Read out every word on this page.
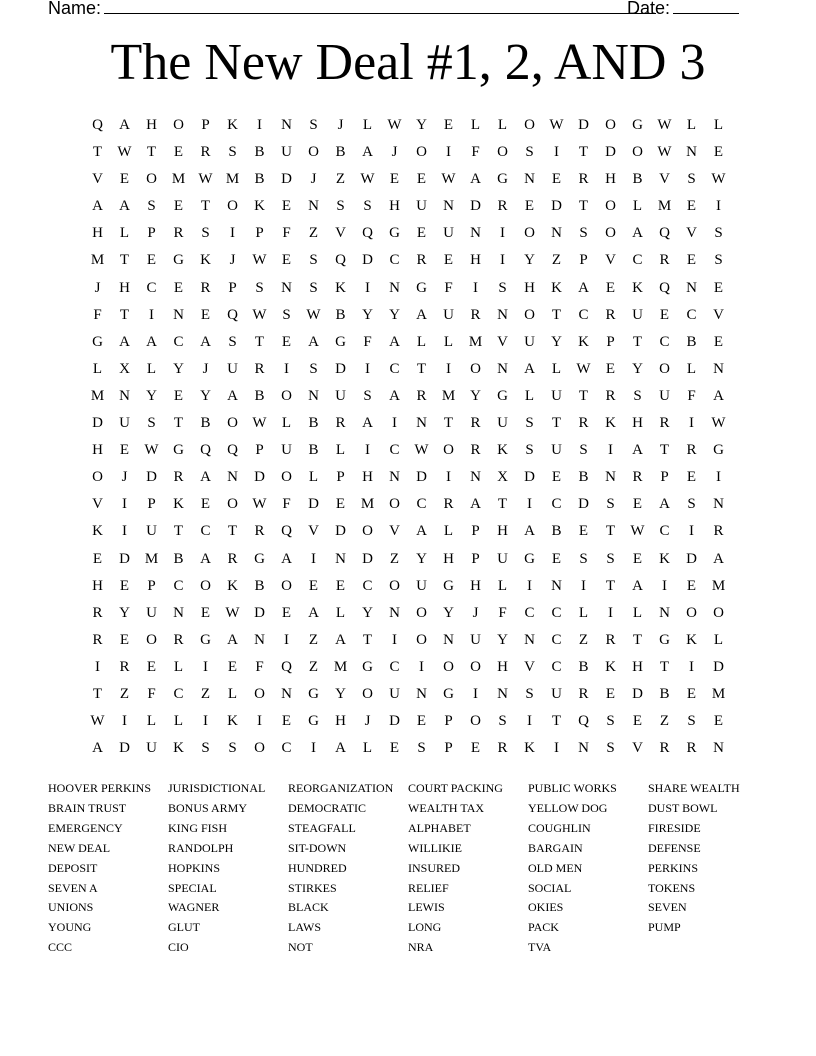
Name:	Date:
The New Deal #1, 2, AND 3
Q	A	H	O	P	K	I	N	S	J	L	W Y	E	L	L	O W D	O	G W	L	L
T	W	T	E	R	S	B	U	O	B	A	J	O	I	F	O	S	I	T	D	O W N	E
V	E	O M W M	B	D	J	Z	W	E	E	W A	G	N	E	R	H	B	V	S	W
A	A	S	E	T	O	K	E	N	S	S	H	U	N	D	R	E	D	T	O	L	M	E	I
H	L	P	R	S	I	P	F	Z	V	Q	G	E	U	N	I	O	N	S	O	A	Q	V	S
M	T	E	G	K	J	W	E	S	Q	D	C	R	E	H	I	Y	Z	P	V	C	R	E	S
J	H	C	E	R	P	S	N	S	K	I	N	G	F	I	S	H	K	A	E	K	Q	N	E
F	T	I	N	E	Q W	S	W B	Y	Y	A	U	R	N	O	T	C	R	U	E	C	V
G	A	A	C	A	S	T	E	A	G	F	A	L	L	M V	U	Y	K	P	T	C	B	E
L	X	L	Y	J	U	R	I	S	D	I	C	T	I	O	N	A	L	W	E	Y	O	L	N
M N	Y	E	Y	A	B	O	N	U	S	A	R	M Y	G	L	U	T	R	S	U	F	A
D	U	S	T	B	O W	L	B	R	A	I	N	T	R	U	S	T	R	K	H	R	I	W
H	E	W G	Q	Q	P	U	B	L	I	C W O	R	K	S	U	S	I	A	T	R	G
O	J	D	R	A	N	D	O	L	P	H	N	D	I	N	X	D	E	B	N	R	P	E	I
V	I	P	K	E	O W	F	D	E	M O	C	R	A	T	I	C	D	S	E	A	S	N
K	I	U	T	C	T	R	Q	V	D	O	V	A	L	P	H	A	B	E	T	W C	I	R
E	D M	B	A	R	G	A	I	N	D	Z	Y	H	P	U	G	E	S	S	E	K	D	A
H	E	P	C	O	K	B	O	E	E	C	O	U	G	H	L	I	N	I	T	A	I	E	M
R	Y	U	N	E	W D	E	A	L	Y	N	O	Y	J	F	C	C	L	I	L	N	O	O
R	E	O	R	G	A	N	I	Z	A	T	I	O	N	U	Y	N	C	Z	R	T	G	K	L
I	R	E	L	I	E	F	Q	Z	M G	C	I	O	O	H	V	C	B	K	H	T	I	D
T	Z	F	C	Z	L	O	N	G	Y	O	U	N	G	I	N	S	U	R	E	D	B	E	M
W	I	L	L	I	K	I	E	G	H	J	D	E	P	O	S	I	T	Q	S	E	Z	S	E
A	D	U	K	S	S	O	C	I	A	L	E	S	P	E	R	K	I	N	S	V	R	R	N
HOOVER PERKINS
BRAIN TRUST
EMERGENCY
NEW DEAL
DEPOSIT
SEVEN A
UNIONS
YOUNG
CCC
JURISDICTIONAL
BONUS ARMY
KING FISH
RANDOLPH
HOPKINS
SPECIAL
WAGNER
GLUT
CIO
REORGANIZATION
DEMOCRATIC
STEAGFALL
SIT-DOWN
HUNDRED
STIRKES
BLACK
LAWS
NOT
COURT PACKING
WEALTH TAX
ALPHABET
WILLIKIE
INSURED
RELIEF
LEWIS
LONG
NRA
PUBLIC WORKS
YELLOW DOG
COUGHLIN
BARGAIN
OLD MEN
SOCIAL
OKIES
PACK
TVA
SHARE WEALTH
DUST BOWL
FIRESIDE
DEFENSE
PERKINS
TOKENS
SEVEN
PUMP
